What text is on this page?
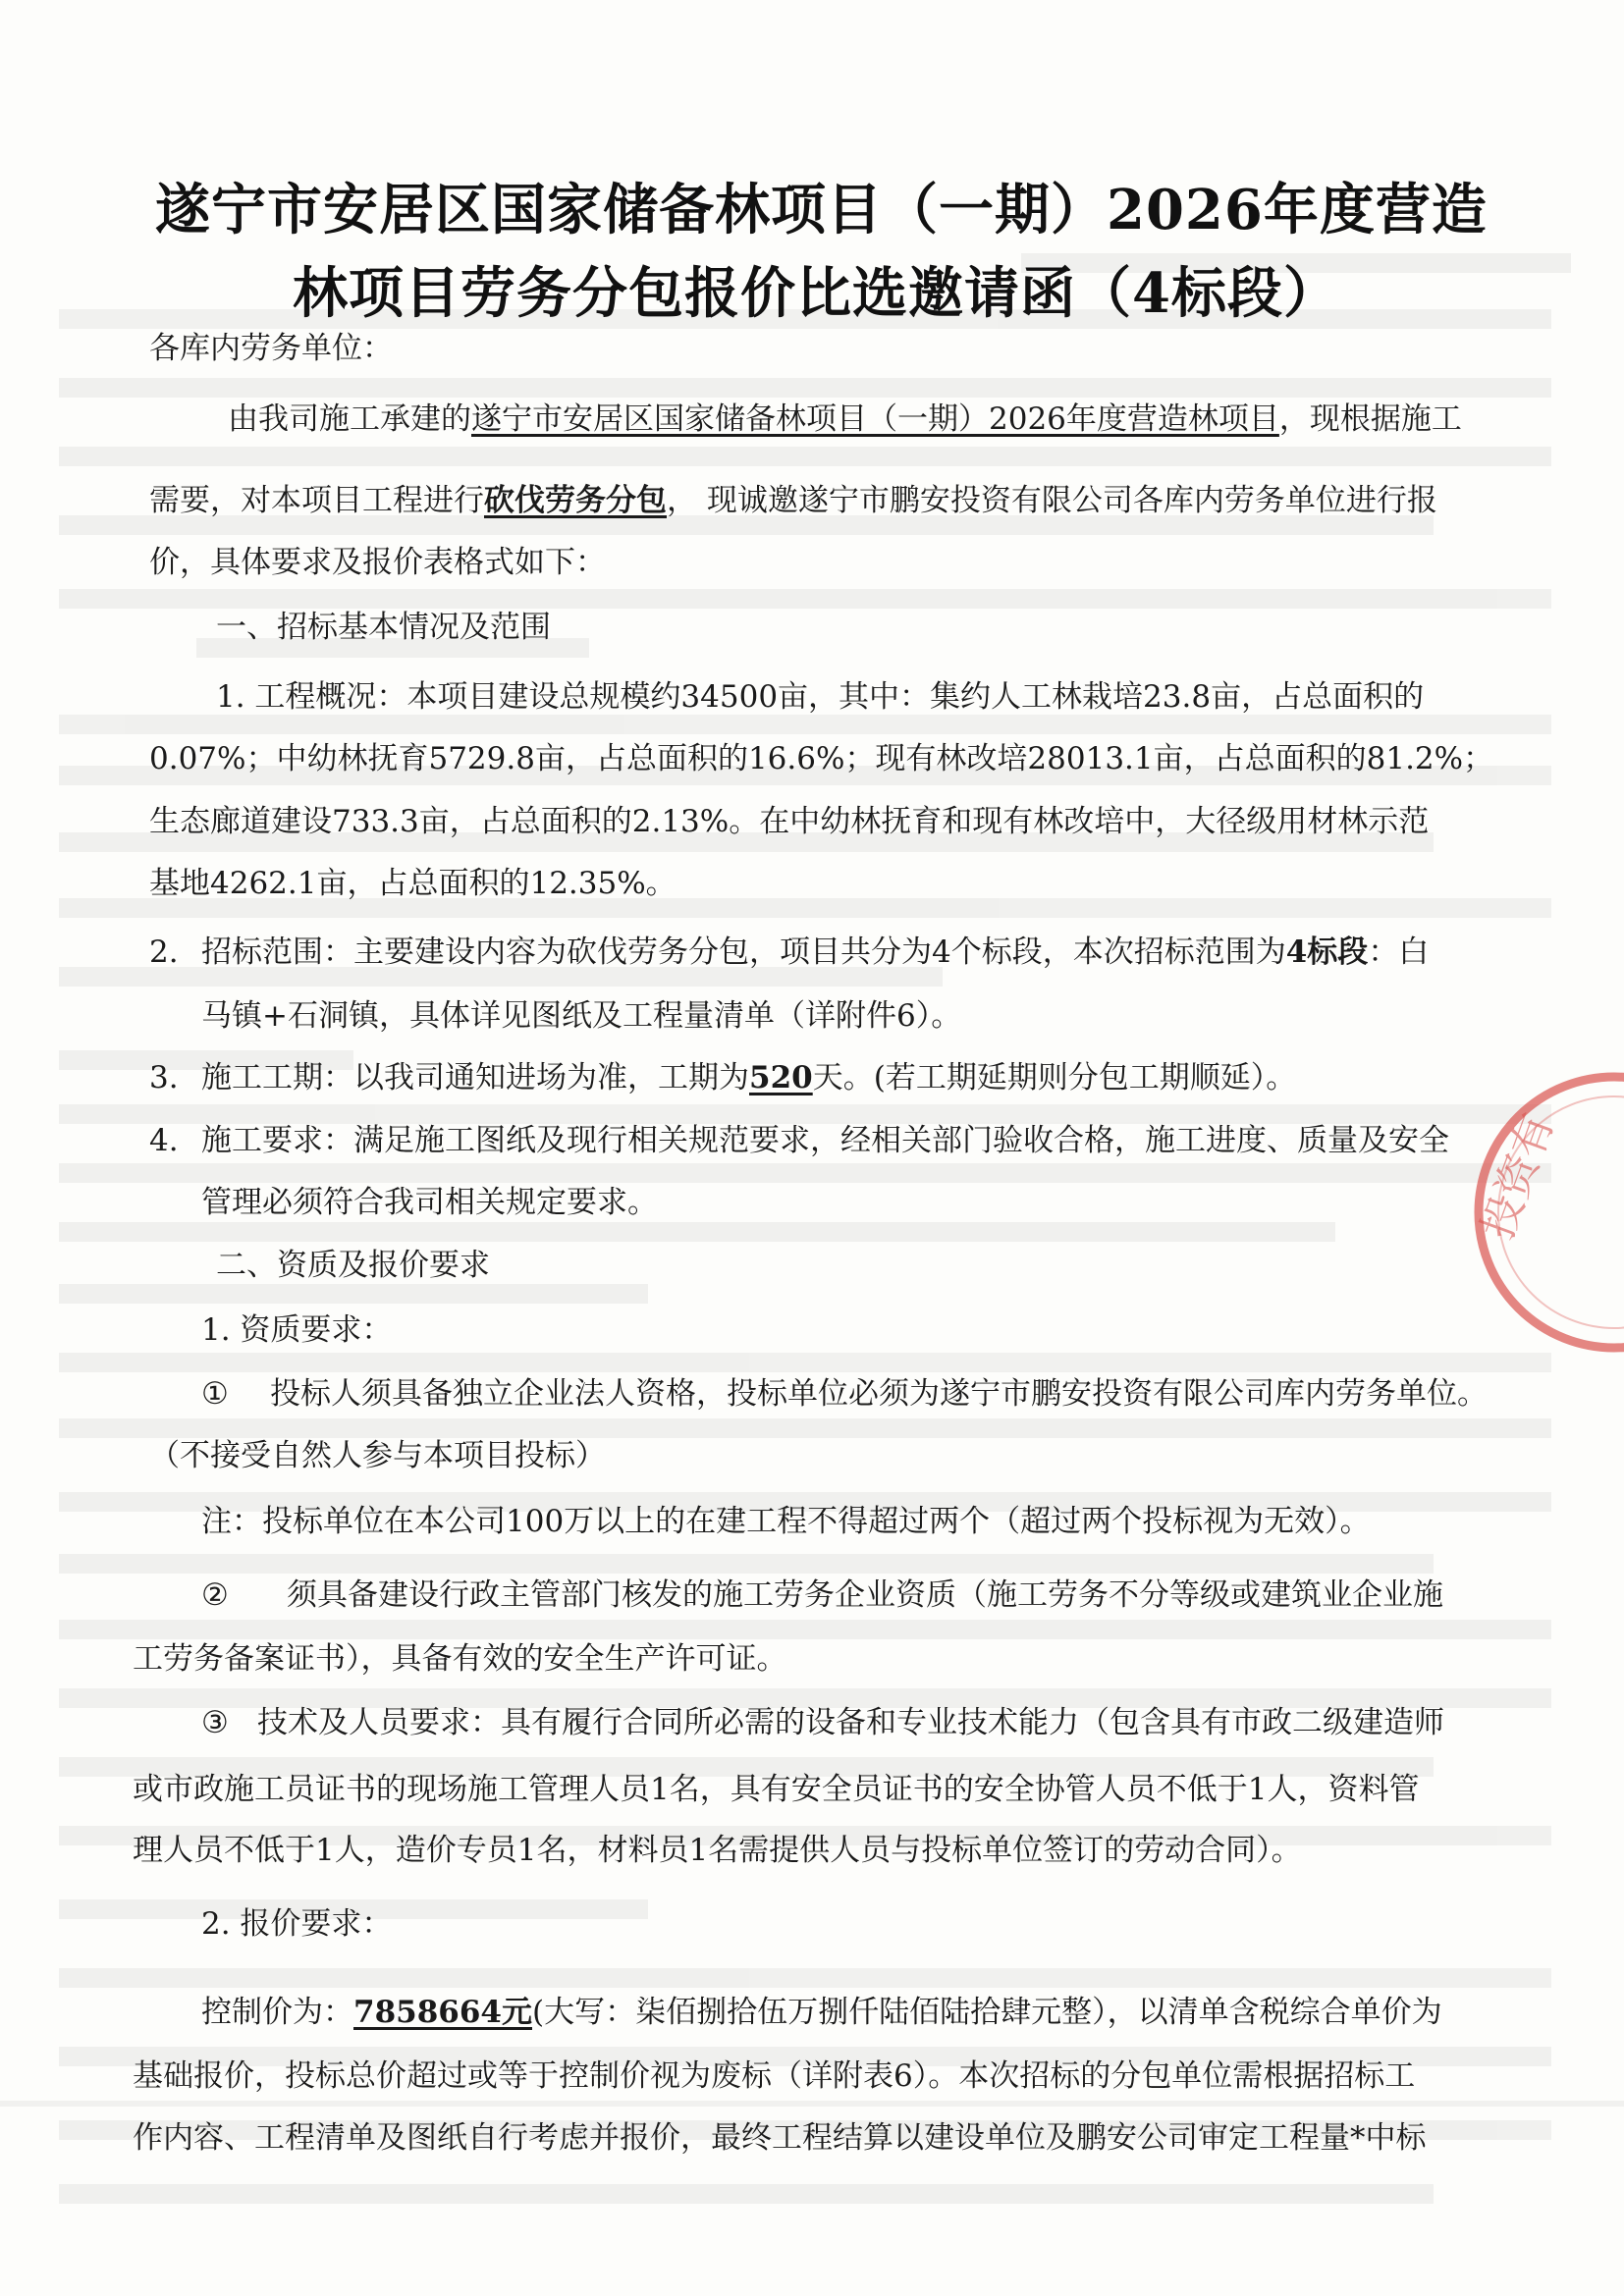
投资有
遂宁市安居区国家储备林项目（一期）2026年度营造
林项目劳务分包报价比选邀请函（4标段）
各库内劳务单位：
由我司施工承建的遂宁市安居区国家储备林项目（一期）2026年度营造林项目，现根据施工
需要，对本项目工程进行砍伐劳务分包， 现诚邀遂宁市鹏安投资有限公司各库内劳务单位进行报
价，具体要求及报价表格式如下：
一、招标基本情况及范围
1. 工程概况：本项目建设总规模约34500亩，其中：集约人工林栽培23.8亩，占总面积的
0.07%；中幼林抚育5729.8亩，占总面积的16.6%；现有林改培28013.1亩，占总面积的81.2%；
生态廊道建设733.3亩，占总面积的2.13%。在中幼林抚育和现有林改培中，大径级用材林示范
基地4262.1亩，占总面积的12.35%。
2. 招标范围：主要建设内容为砍伐劳务分包，项目共分为4个标段，本次招标范围为4标段：白
马镇+石洞镇，具体详见图纸及工程量清单（详附件6）。
3. 施工工期：以我司通知进场为准，工期为520天。(若工期延期则分包工期顺延）。
4. 施工要求：满足施工图纸及现行相关规范要求，经相关部门验收合格，施工进度、质量及安全
管理必须符合我司相关规定要求。
二、资质及报价要求
1. 资质要求：
① 投标人须具备独立企业法人资格，投标单位必须为遂宁市鹏安投资有限公司库内劳务单位。
（不接受自然人参与本项目投标）
注：投标单位在本公司100万以上的在建工程不得超过两个（超过两个投标视为无效）。
② 须具备建设行政主管部门核发的施工劳务企业资质（施工劳务不分等级或建筑业企业施
工劳务备案证书），具备有效的安全生产许可证。
③ 技术及人员要求：具有履行合同所必需的设备和专业技术能力（包含具有市政二级建造师
或市政施工员证书的现场施工管理人员1名，具有安全员证书的安全协管人员不低于1人，资料管
理人员不低于1人，造价专员1名，材料员1名需提供人员与投标单位签订的劳动合同）。
2. 报价要求：
控制价为：7858664元(大写：柒佰捌拾伍万捌仟陆佰陆拾肆元整），以清单含税综合单价为
基础报价，投标总价超过或等于控制价视为废标（详附表6）。本次招标的分包单位需根据招标工
作内容、工程清单及图纸自行考虑并报价，最终工程结算以建设单位及鹏安公司审定工程量*中标
